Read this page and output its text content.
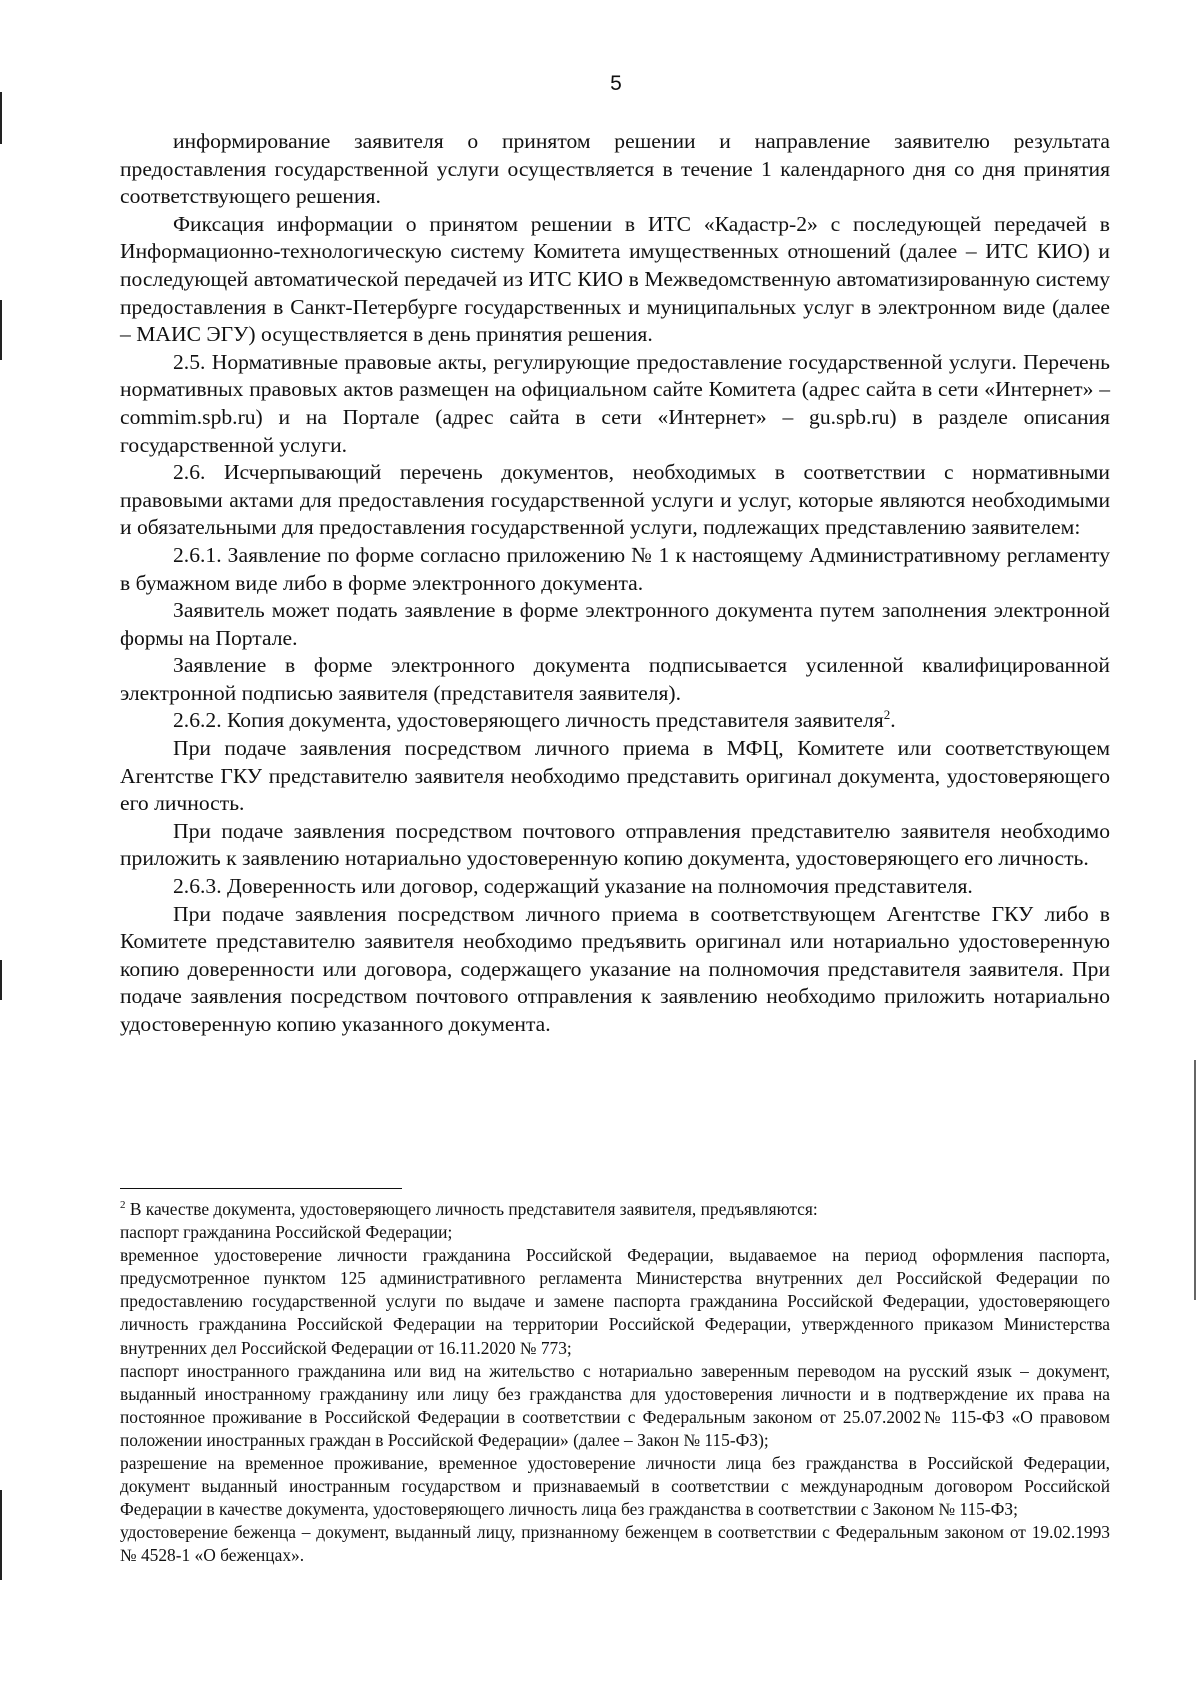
5

информирование заявителя о принятом решении и направление заявителю результата предоставления государственной услуги осуществляется в течение 1 календарного дня со дня принятия соответствующего решения.

Фиксация информации о принятом решении в ИТС «Кадастр-2» с последующей передачей в Информационно-технологическую систему Комитета имущественных отношений (далее – ИТС КИО) и последующей автоматической передачей из ИТС КИО в Межведомственную автоматизированную систему предоставления в Санкт-Петербурге государственных и муниципальных услуг в электронном виде (далее – МАИС ЭГУ) осуществляется в день принятия решения.

2.5. Нормативные правовые акты, регулирующие предоставление государственной услуги. Перечень нормативных правовых актов размещен на официальном сайте Комитета (адрес сайта в сети «Интернет» – commim.spb.ru) и на Портале (адрес сайта в сети «Интернет» – gu.spb.ru) в разделе описания государственной услуги.

2.6. Исчерпывающий перечень документов, необходимых в соответствии с нормативными правовыми актами для предоставления государственной услуги и услуг, которые являются необходимыми и обязательными для предоставления государственной услуги, подлежащих представлению заявителем:

2.6.1. Заявление по форме согласно приложению № 1 к настоящему Административному регламенту в бумажном виде либо в форме электронного документа.

Заявитель может подать заявление в форме электронного документа путем заполнения электронной формы на Портале.

Заявление в форме электронного документа подписывается усиленной квалифицированной электронной подписью заявителя (представителя заявителя).

2.6.2. Копия документа, удостоверяющего личность представителя заявителя$^2$.

При подаче заявления посредством личного приема в МФЦ, Комитете или соответствующем Агентстве ГКУ представителю заявителя необходимо представить оригинал документа, удостоверяющего его личность.

При подаче заявления посредством почтового отправления представителю заявителя необходимо приложить к заявлению нотариально удостоверенную копию документа, удостоверяющего его личность.

2.6.3. Доверенность или договор, содержащий указание на полномочия представителя.

При подаче заявления посредством личного приема в соответствующем Агентстве ГКУ либо в Комитете представителю заявителя необходимо предъявить оригинал или нотариально удостоверенную копию доверенности или договора, содержащего указание на полномочия представителя заявителя. При подаче заявления посредством почтового отправления к заявлению необходимо приложить нотариально удостоверенную копию указанного документа.

$^2$ В качестве документа, удостоверяющего личность представителя заявителя, предъявляются:

паспорт гражданина Российской Федерации;

временное удостоверение личности гражданина Российской Федерации, выдаваемое на период оформления паспорта, предусмотренное пунктом 125 административного регламента Министерства внутренних дел Российской Федерации по предоставлению государственной услуги по выдаче и замене паспорта гражданина Российской Федерации, удостоверяющего личность гражданина Российской Федерации на территории Российской Федерации, утвержденного приказом Министерства внутренних дел Российской Федерации от 16.11.2020 № 773;

паспорт иностранного гражданина или вид на жительство с нотариально заверенным переводом на русский язык – документ, выданный иностранному гражданину или лицу без гражданства для удостоверения личности и в подтверждение их права на постоянное проживание в Российской Федерации в соответствии с Федеральным законом от 25.07.2002№ 115-ФЗ «О правовом положении иностранных граждан в Российской Федерации» (далее – Закон № 115-ФЗ);

разрешение на временное проживание, временное удостоверение личности лица без гражданства в Российской Федерации, документ выданный иностранным государством и признаваемый в соответствии с международным договором Российской Федерации в качестве документа, удостоверяющего личность лица без гражданства в соответствии с Законом № 115-ФЗ;

удостоверение беженца – документ, выданный лицу, признанному беженцем в соответствии с Федеральным законом от 19.02.1993 № 4528-1 «О беженцах».
